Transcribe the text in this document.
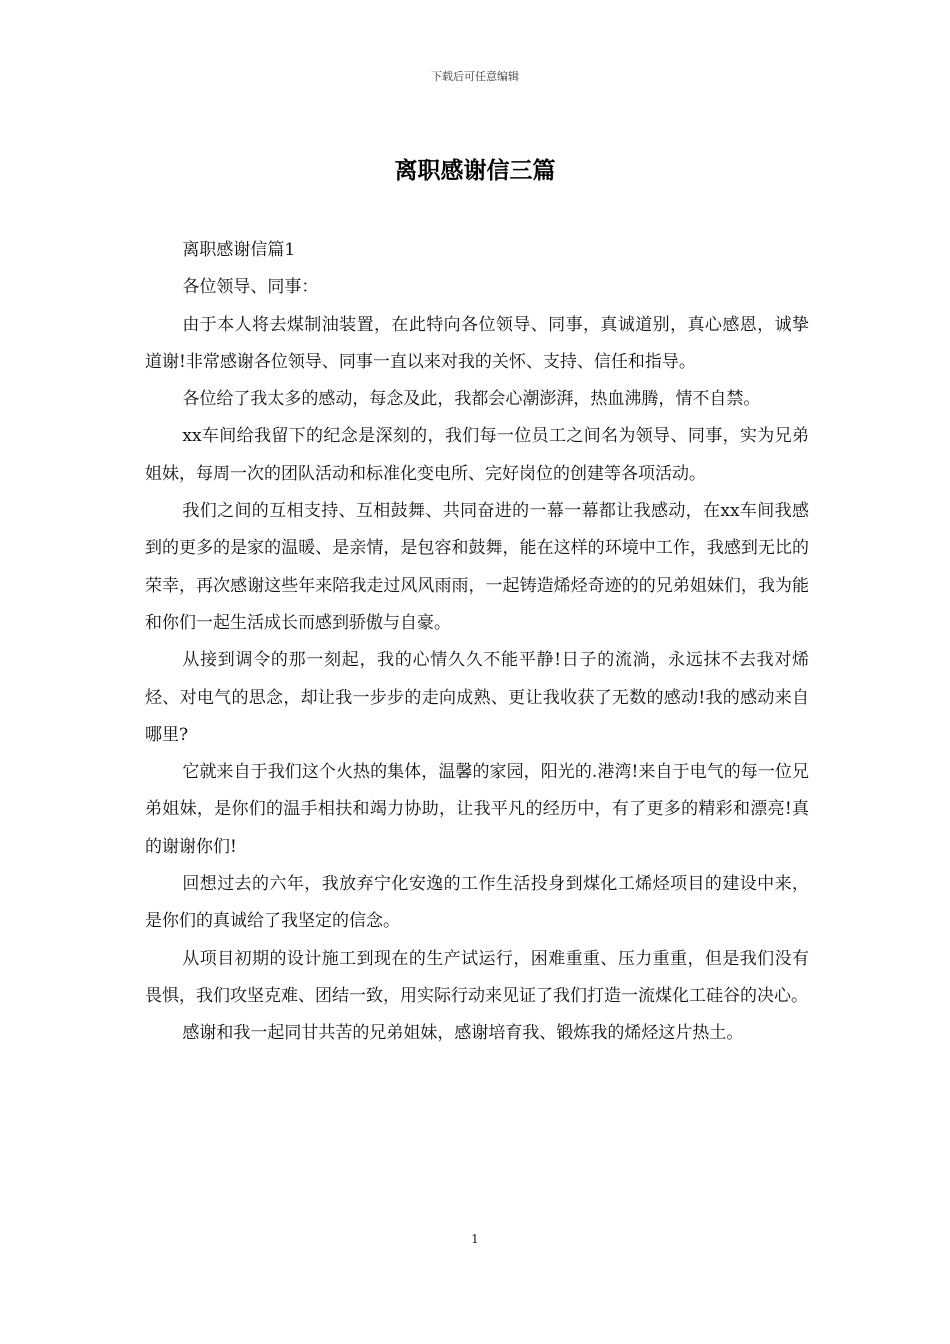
下载后可任意编辑
离职感谢信三篇

离职感谢信篇1

各位领导、同事：

由于本人将去煤制油装置，在此特向各位领导、同事，真诚道别，真心感恩，诚挚道谢!非常感谢各位领导、同事一直以来对我的关怀、支持、信任和指导。

各位给了我太多的感动，每念及此，我都会心潮澎湃，热血沸腾，情不自禁。

xx车间给我留下的纪念是深刻的，我们每一位员工之间名为领导、同事，实为兄弟姐妹，每周一次的团队活动和标准化变电所、完好岗位的创建等各项活动。

我们之间的互相支持、互相鼓舞、共同奋进的一幕一幕都让我感动，在xx车间我感到的更多的是家的温暖、是亲情，是包容和鼓舞，能在这样的环境中工作，我感到无比的荣幸，再次感谢这些年来陪我走过风风雨雨，一起铸造烯烃奇迹的的兄弟姐妹们，我为能和你们一起生活成长而感到骄傲与自豪。

从接到调令的那一刻起，我的心情久久不能平静!日子的流淌，永远抹不去我对烯烃、对电气的思念，却让我一步步的走向成熟、更让我收获了无数的感动!我的感动来自哪里?

它就来自于我们这个火热的集体，温馨的家园，阳光的.港湾!来自于电气的每一位兄弟姐妹，是你们的温手相扶和竭力协助，让我平凡的经历中，有了更多的精彩和漂亮!真的谢谢你们!

回想过去的六年，我放弃宁化安逸的工作生活投身到煤化工烯烃项目的建设中来，是你们的真诚给了我坚定的信念。

从项目初期的设计施工到现在的生产试运行，困难重重、压力重重，但是我们没有畏惧，我们攻坚克难、团结一致，用实际行动来见证了我们打造一流煤化工硅谷的决心。

感谢和我一起同甘共苦的兄弟姐妹，感谢培育我、锻炼我的烯烃这片热土。

1
